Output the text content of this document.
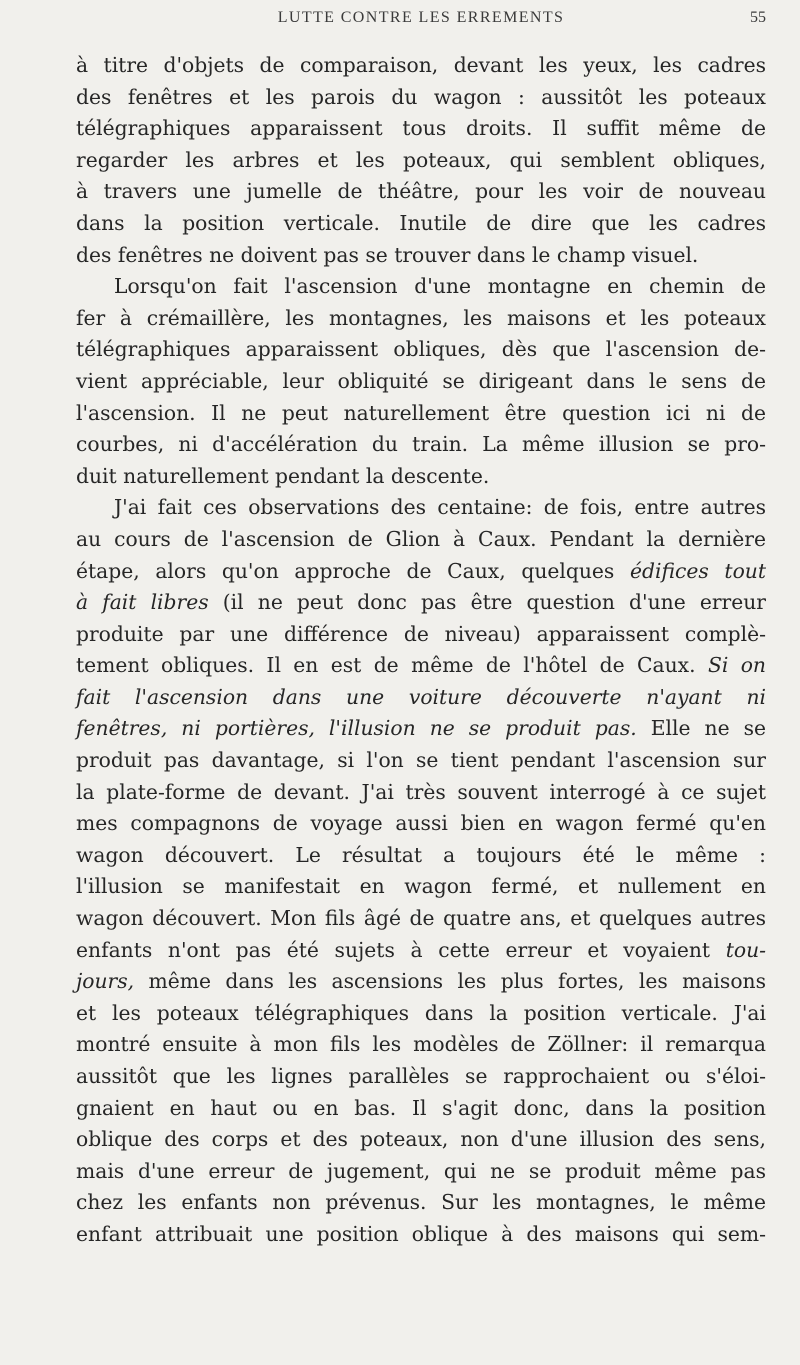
LUTTE CONTRE LES ERREMENTS	55
à titre d'objets de comparaison, devant les yeux, les cadres
des fenêtres et les parois du wagon : aussitôt les poteaux
télégraphiques apparaissent tous droits. Il suffit même de
regarder les arbres et les poteaux, qui semblent obliques,
à travers une jumelle de théâtre, pour les voir de nouveau
dans la position verticale. Inutile de dire que les cadres
des fenêtres ne doivent pas se trouver dans le champ visuel.
Lorsqu'on fait l'ascension d'une montagne en chemin de
fer à crémaillère, les montagnes, les maisons et les poteaux
télégraphiques apparaissent obliques, dès que l'ascension de-
vient appréciable, leur obliquité se dirigeant dans le sens de
l'ascension. Il ne peut naturellement être question ici ni de
courbes, ni d'accélération du train. La même illusion se pro-
duit naturellement pendant la descente.
J'ai fait ces observations des centaine: de fois, entre autres
au cours de l'ascension de Glion à Caux. Pendant la dernière
étape, alors qu'on approche de Caux, quelques édifices tout
à fait libres (il ne peut donc pas être question d'une erreur
produite par une différence de niveau) apparaissent complè-
tement obliques. Il en est de même de l'hôtel de Caux. Si on
fait l'ascension dans une voiture découverte n'ayant ni
fenêtres, ni portières, l'illusion ne se produit pas. Elle ne se
produit pas davantage, si l'on se tient pendant l'ascension sur
la plate-forme de devant. J'ai très souvent interrogé à ce sujet
mes compagnons de voyage aussi bien en wagon fermé qu'en
wagon découvert. Le résultat a toujours été le même :
l'illusion se manifestait en wagon fermé, et nullement en
wagon découvert. Mon fils âgé de quatre ans, et quelques autres
enfants n'ont pas été sujets à cette erreur et voyaient tou-
jours, même dans les ascensions les plus fortes, les maisons
et les poteaux télégraphiques dans la position verticale. J'ai
montré ensuite à mon fils les modèles de Zöllner: il remarqua
aussitôt que les lignes parallèles se rapprochaient ou s'éloi-
gnaient en haut ou en bas. Il s'agit donc, dans la position
oblique des corps et des poteaux, non d'une illusion des sens,
mais d'une erreur de jugement, qui ne se produit même pas
chez les enfants non prévenus. Sur les montagnes, le même
enfant attribuait une position oblique à des maisons qui sem-
